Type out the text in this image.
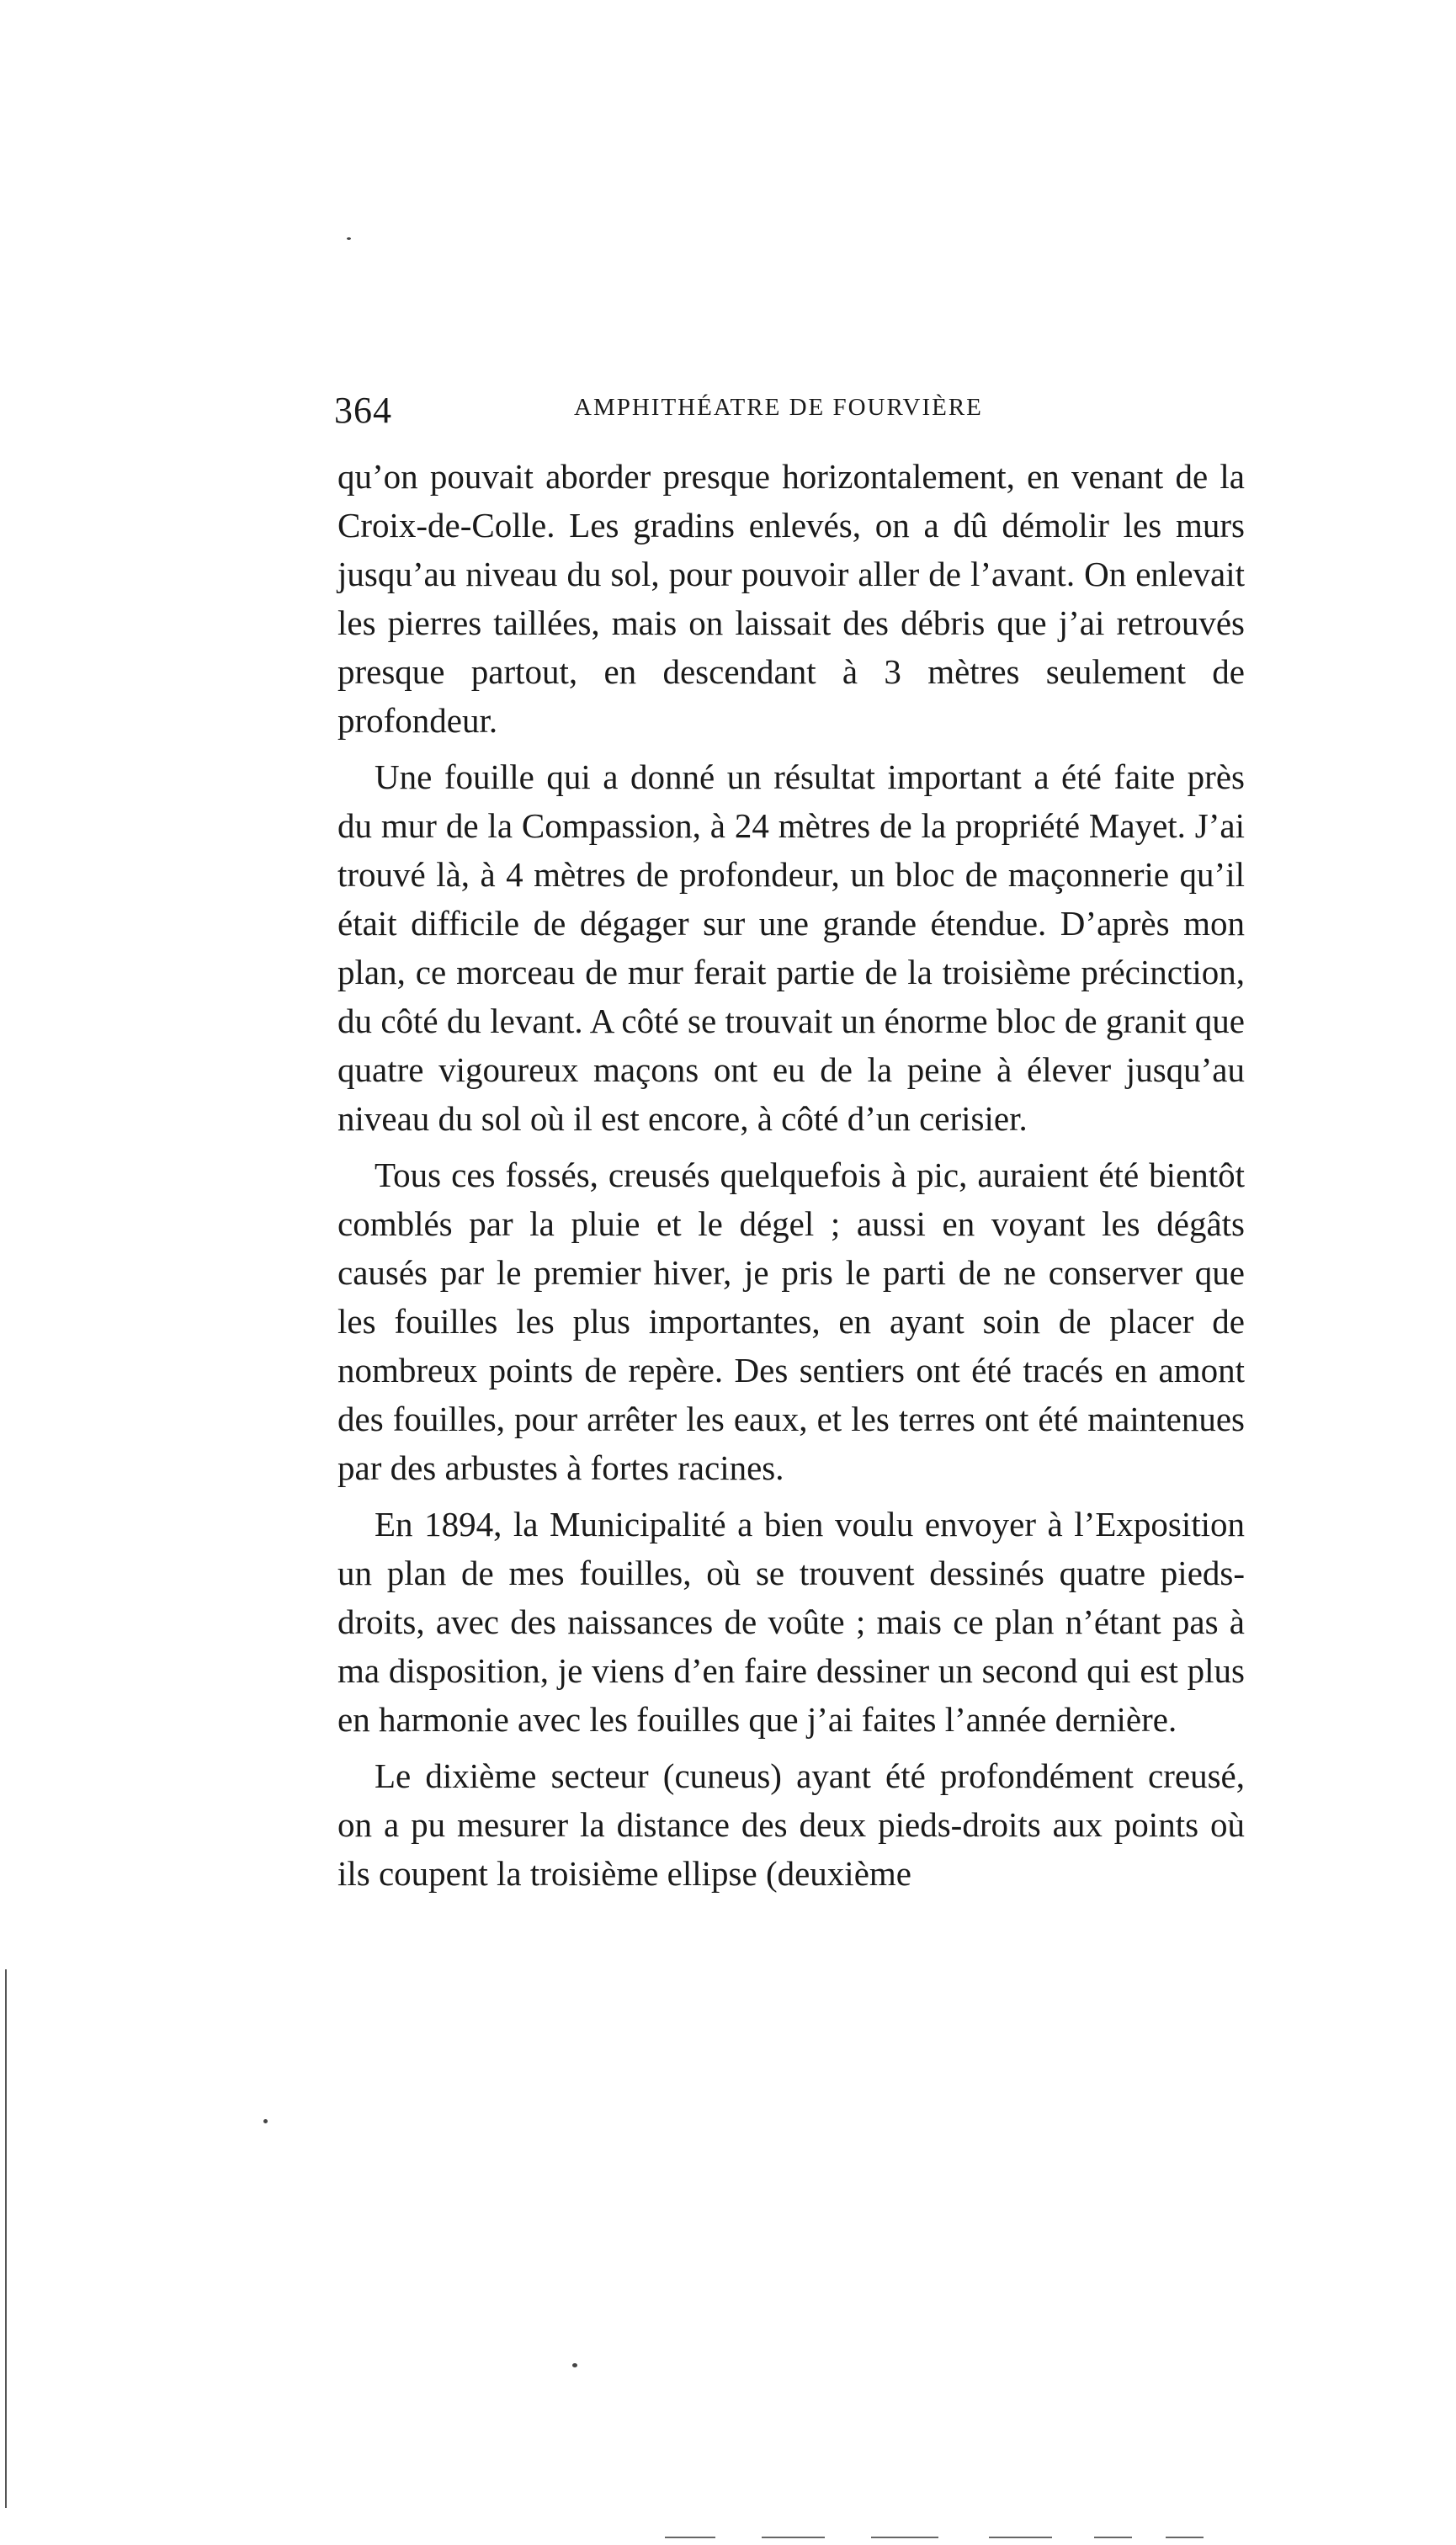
364	AMPHITHÉATRE DE FOURVIÈRE

qu’on pouvait aborder presque horizontalement, en venant de la Croix-de-Colle. Les gradins enlevés, on a dû démolir les murs jusqu’au niveau du sol, pour pouvoir aller de l’avant. On enlevait les pierres taillées, mais on laissait des débris que j’ai retrouvés presque partout, en descendant à 3 mètres seulement de profondeur.

Une fouille qui a donné un résultat important a été faite près du mur de la Compassion, à 24 mètres de la propriété Mayet. J’ai trouvé là, à 4 mètres de profondeur, un bloc de maçonnerie qu’il était difficile de dégager sur une grande étendue. D’après mon plan, ce morceau de mur ferait partie de la troisième précinction, du côté du levant. A côté se trouvait un énorme bloc de granit que quatre vigoureux maçons ont eu de la peine à élever jusqu’au niveau du sol où il est encore, à côté d’un cerisier.

Tous ces fossés, creusés quelquefois à pic, auraient été bientôt comblés par la pluie et le dégel ; aussi en voyant les dégâts causés par le premier hiver, je pris le parti de ne conserver que les fouilles les plus importantes, en ayant soin de placer de nombreux points de repère. Des sentiers ont été tracés en amont des fouilles, pour arrêter les eaux, et les terres ont été maintenues par des arbustes à fortes racines.

En 1894, la Municipalité a bien voulu envoyer à l’Exposition un plan de mes fouilles, où se trouvent dessinés quatre pieds-droits, avec des naissances de voûte ; mais ce plan n’étant pas à ma disposition, je viens d’en faire dessiner un second qui est plus en harmonie avec les fouilles que j’ai faites l’année dernière.

Le dixième secteur (cuneus) ayant été profondément creusé, on a pu mesurer la distance des deux pieds-droits aux points où ils coupent la troisième ellipse (deuxième
